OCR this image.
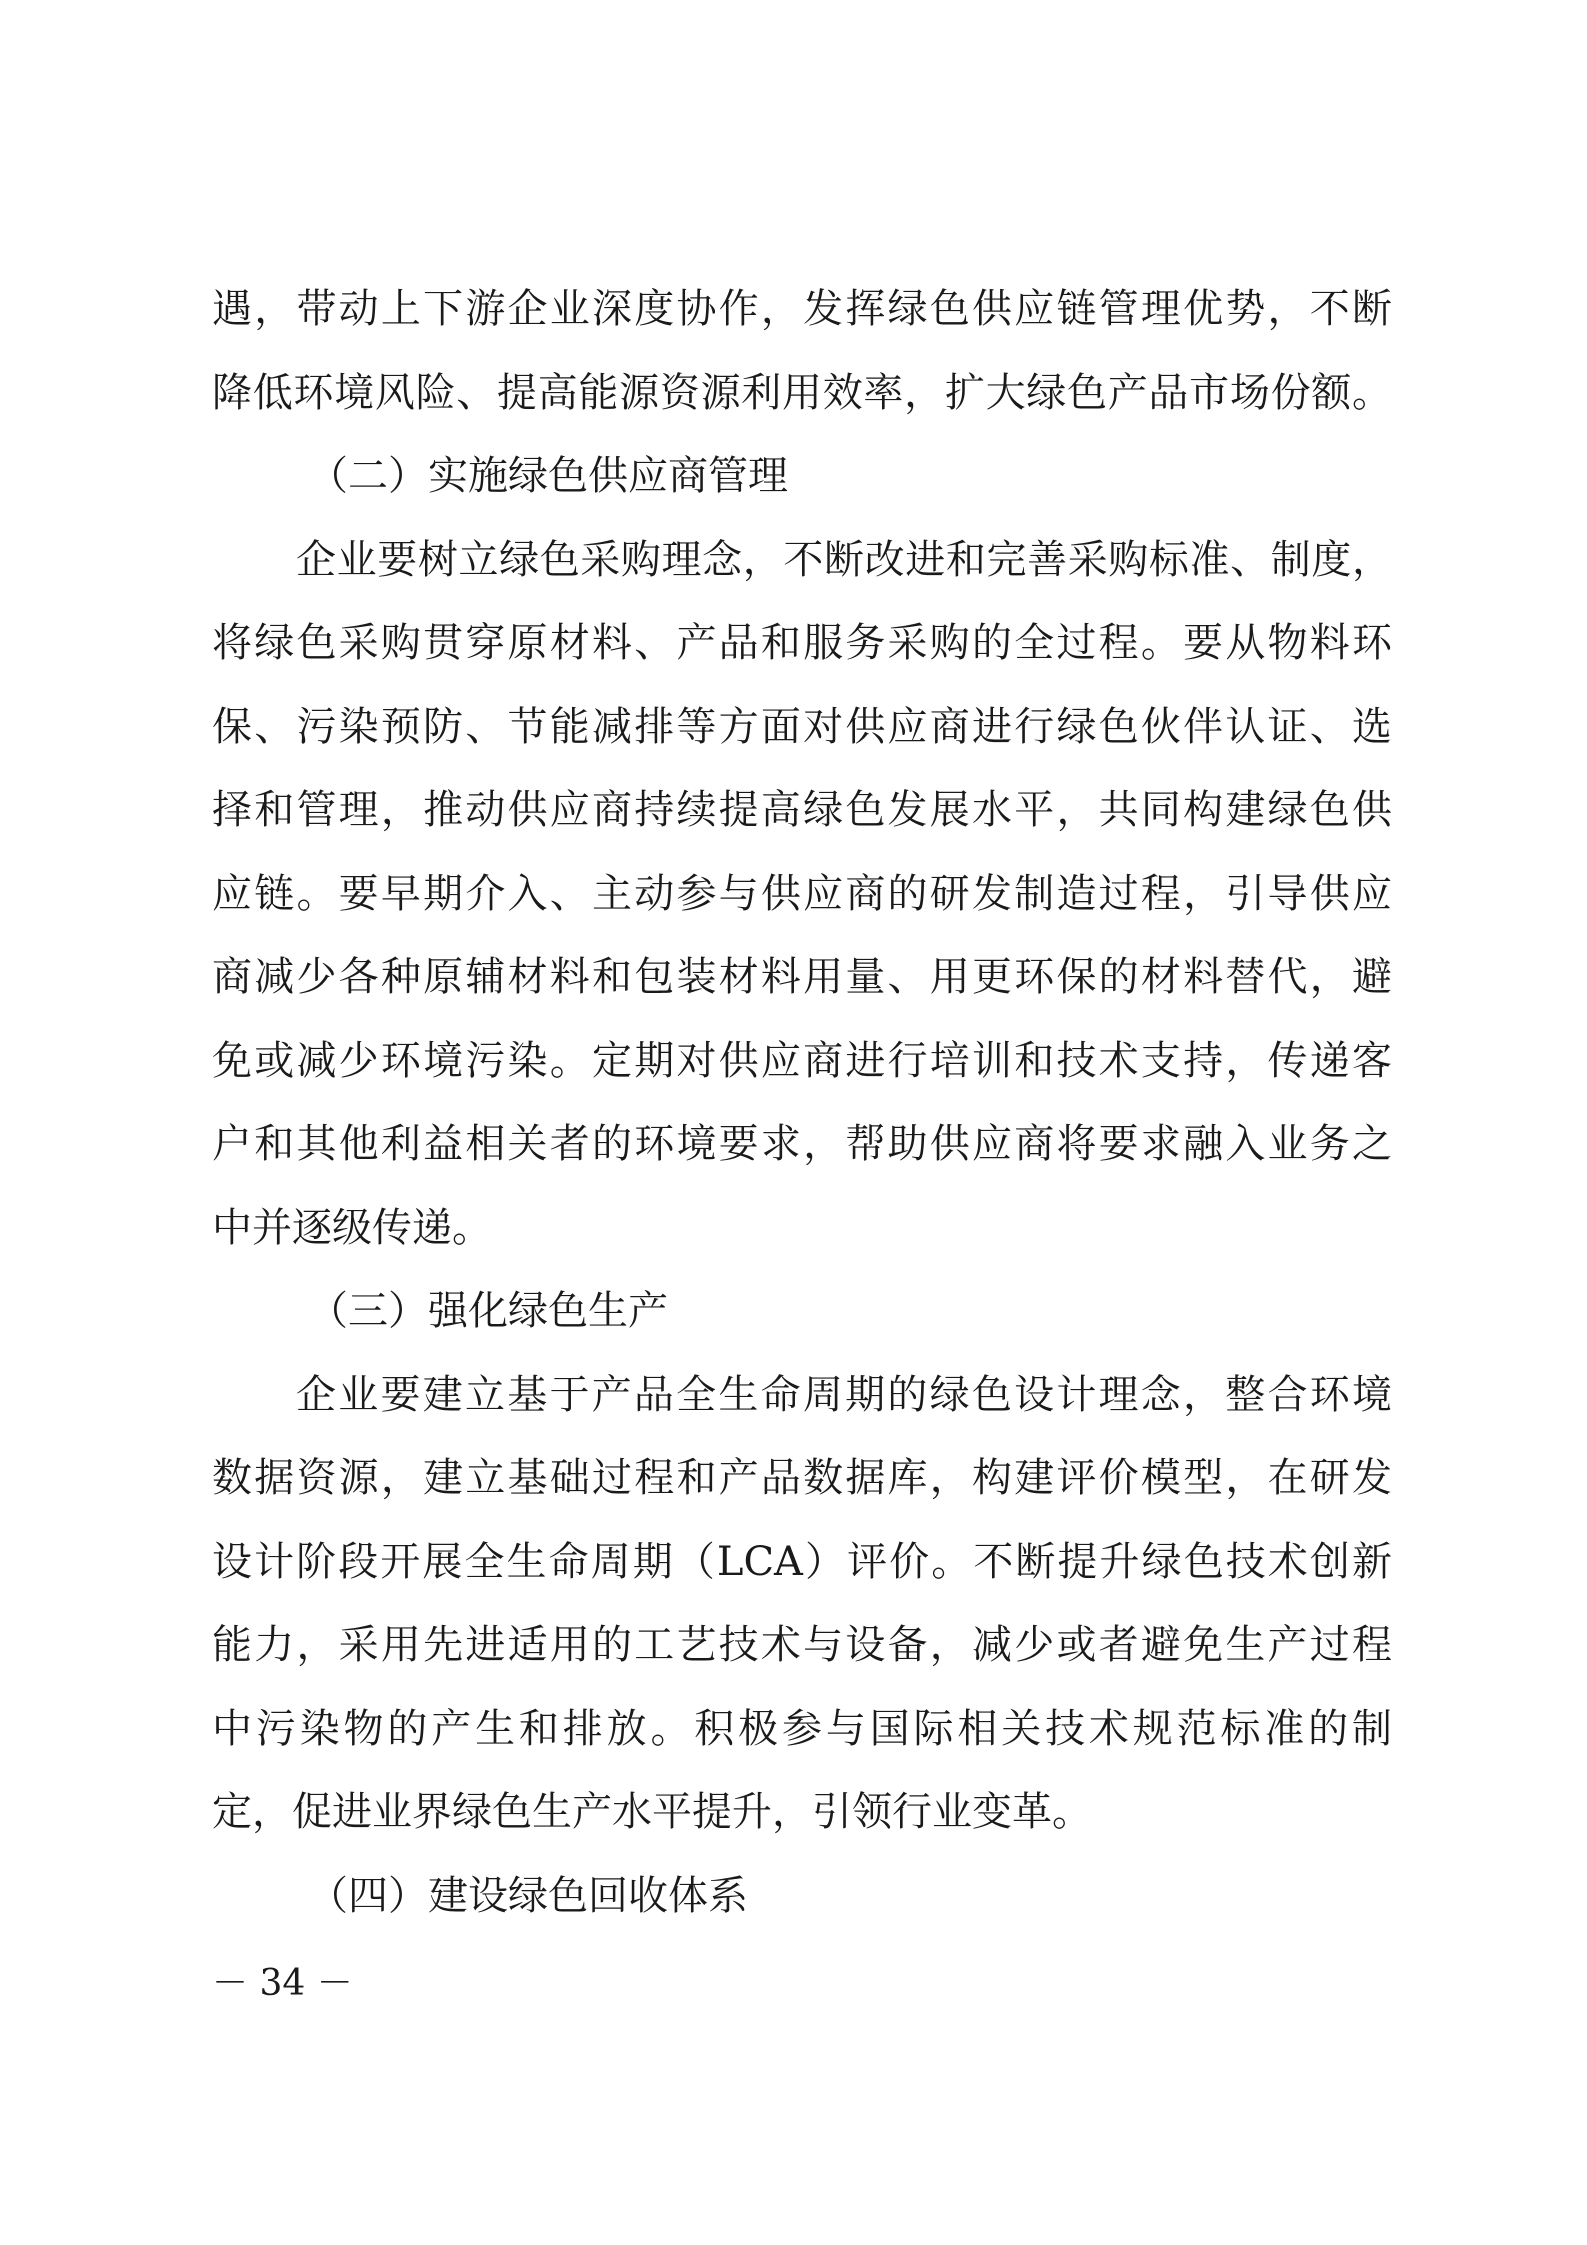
遇，带动上下游企业深度协作，发挥绿色供应链管理优势，不断
降低环境风险、提高能源资源利用效率，扩大绿色产品市场份额。
（二）实施绿色供应商管理
企业要树立绿色采购理念，不断改进和完善采购标准、制度，
将绿色采购贯穿原材料、产品和服务采购的全过程。要从物料环
保、污染预防、节能减排等方面对供应商进行绿色伙伴认证、选
择和管理，推动供应商持续提高绿色发展水平，共同构建绿色供
应链。要早期介入、主动参与供应商的研发制造过程，引导供应
商减少各种原辅材料和包装材料用量、用更环保的材料替代，避
免或减少环境污染。定期对供应商进行培训和技术支持，传递客
户和其他利益相关者的环境要求，帮助供应商将要求融入业务之
中并逐级传递。
（三）强化绿色生产
企业要建立基于产品全生命周期的绿色设计理念，整合环境
数据资源，建立基础过程和产品数据库，构建评价模型，在研发
设计阶段开展全生命周期（LCA）评价。不断提升绿色技术创新
能力，采用先进适用的工艺技术与设备，减少或者避免生产过程
中污染物的产生和排放。积极参与国际相关技术规范标准的制
定，促进业界绿色生产水平提升，引领行业变革。
（四）建设绿色回收体系
－ 34 －
